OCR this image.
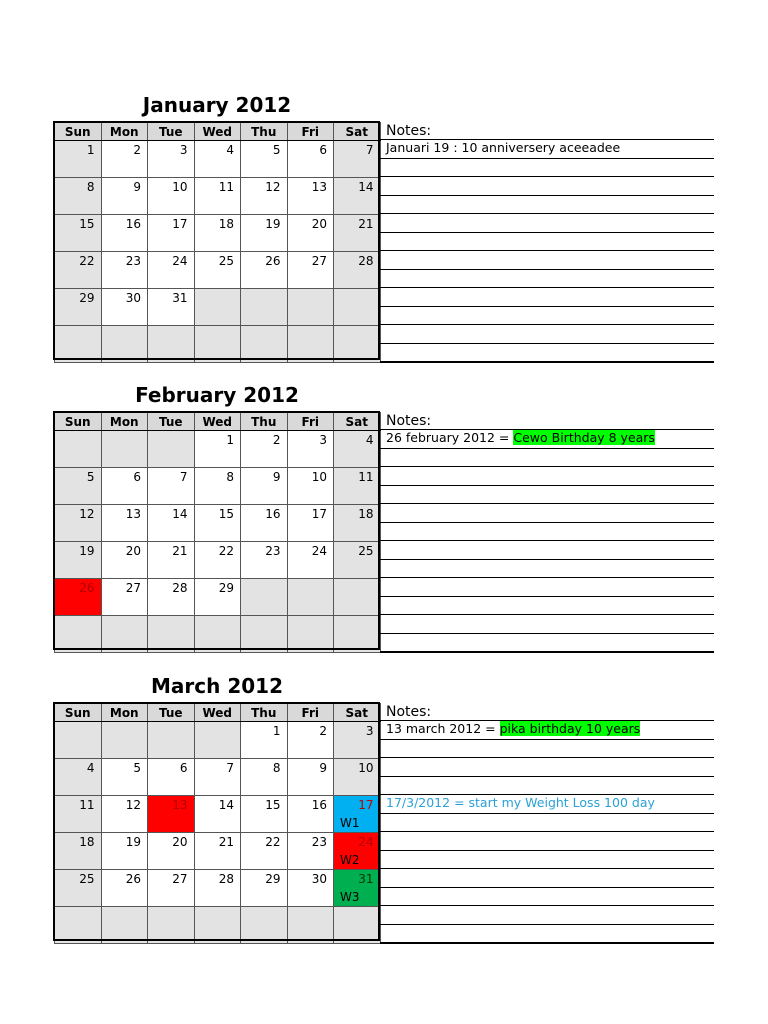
January 2012
Sun	Mon	Tue	Wed	Thu	Fri	Sat

1	2	3	4	5	6	7

8	9	10	11	12	13	14

15	16	17	18	19	20	21

22	23	24	25	26	27	28

29	30	31				

Notes:
Januari 19 : 10 anniversery aceeadee
February 2012
Sun	Mon	Tue	Wed	Thu	Fri	Sat

			1	2	3	4

5	6	7	8	9	10	11

12	13	14	15	16	17	18

19	20	21	22	23	24	25

26	27	28	29			

Notes:
26 february 2012 = Cewo Birthday 8 years
March 2012
Sun	Mon	Tue	Wed	Thu	Fri	Sat

				1	2	3

4	5	6	7	8	9	10

11	12	13	14	15	16	17
W1

18	19	20	21	22	23	24
W2

25	26	27	28	29	30	31
W3

Notes:
13 march 2012 = pika birthday 10 years
17/3/2012 = start my Weight Loss 100 day
